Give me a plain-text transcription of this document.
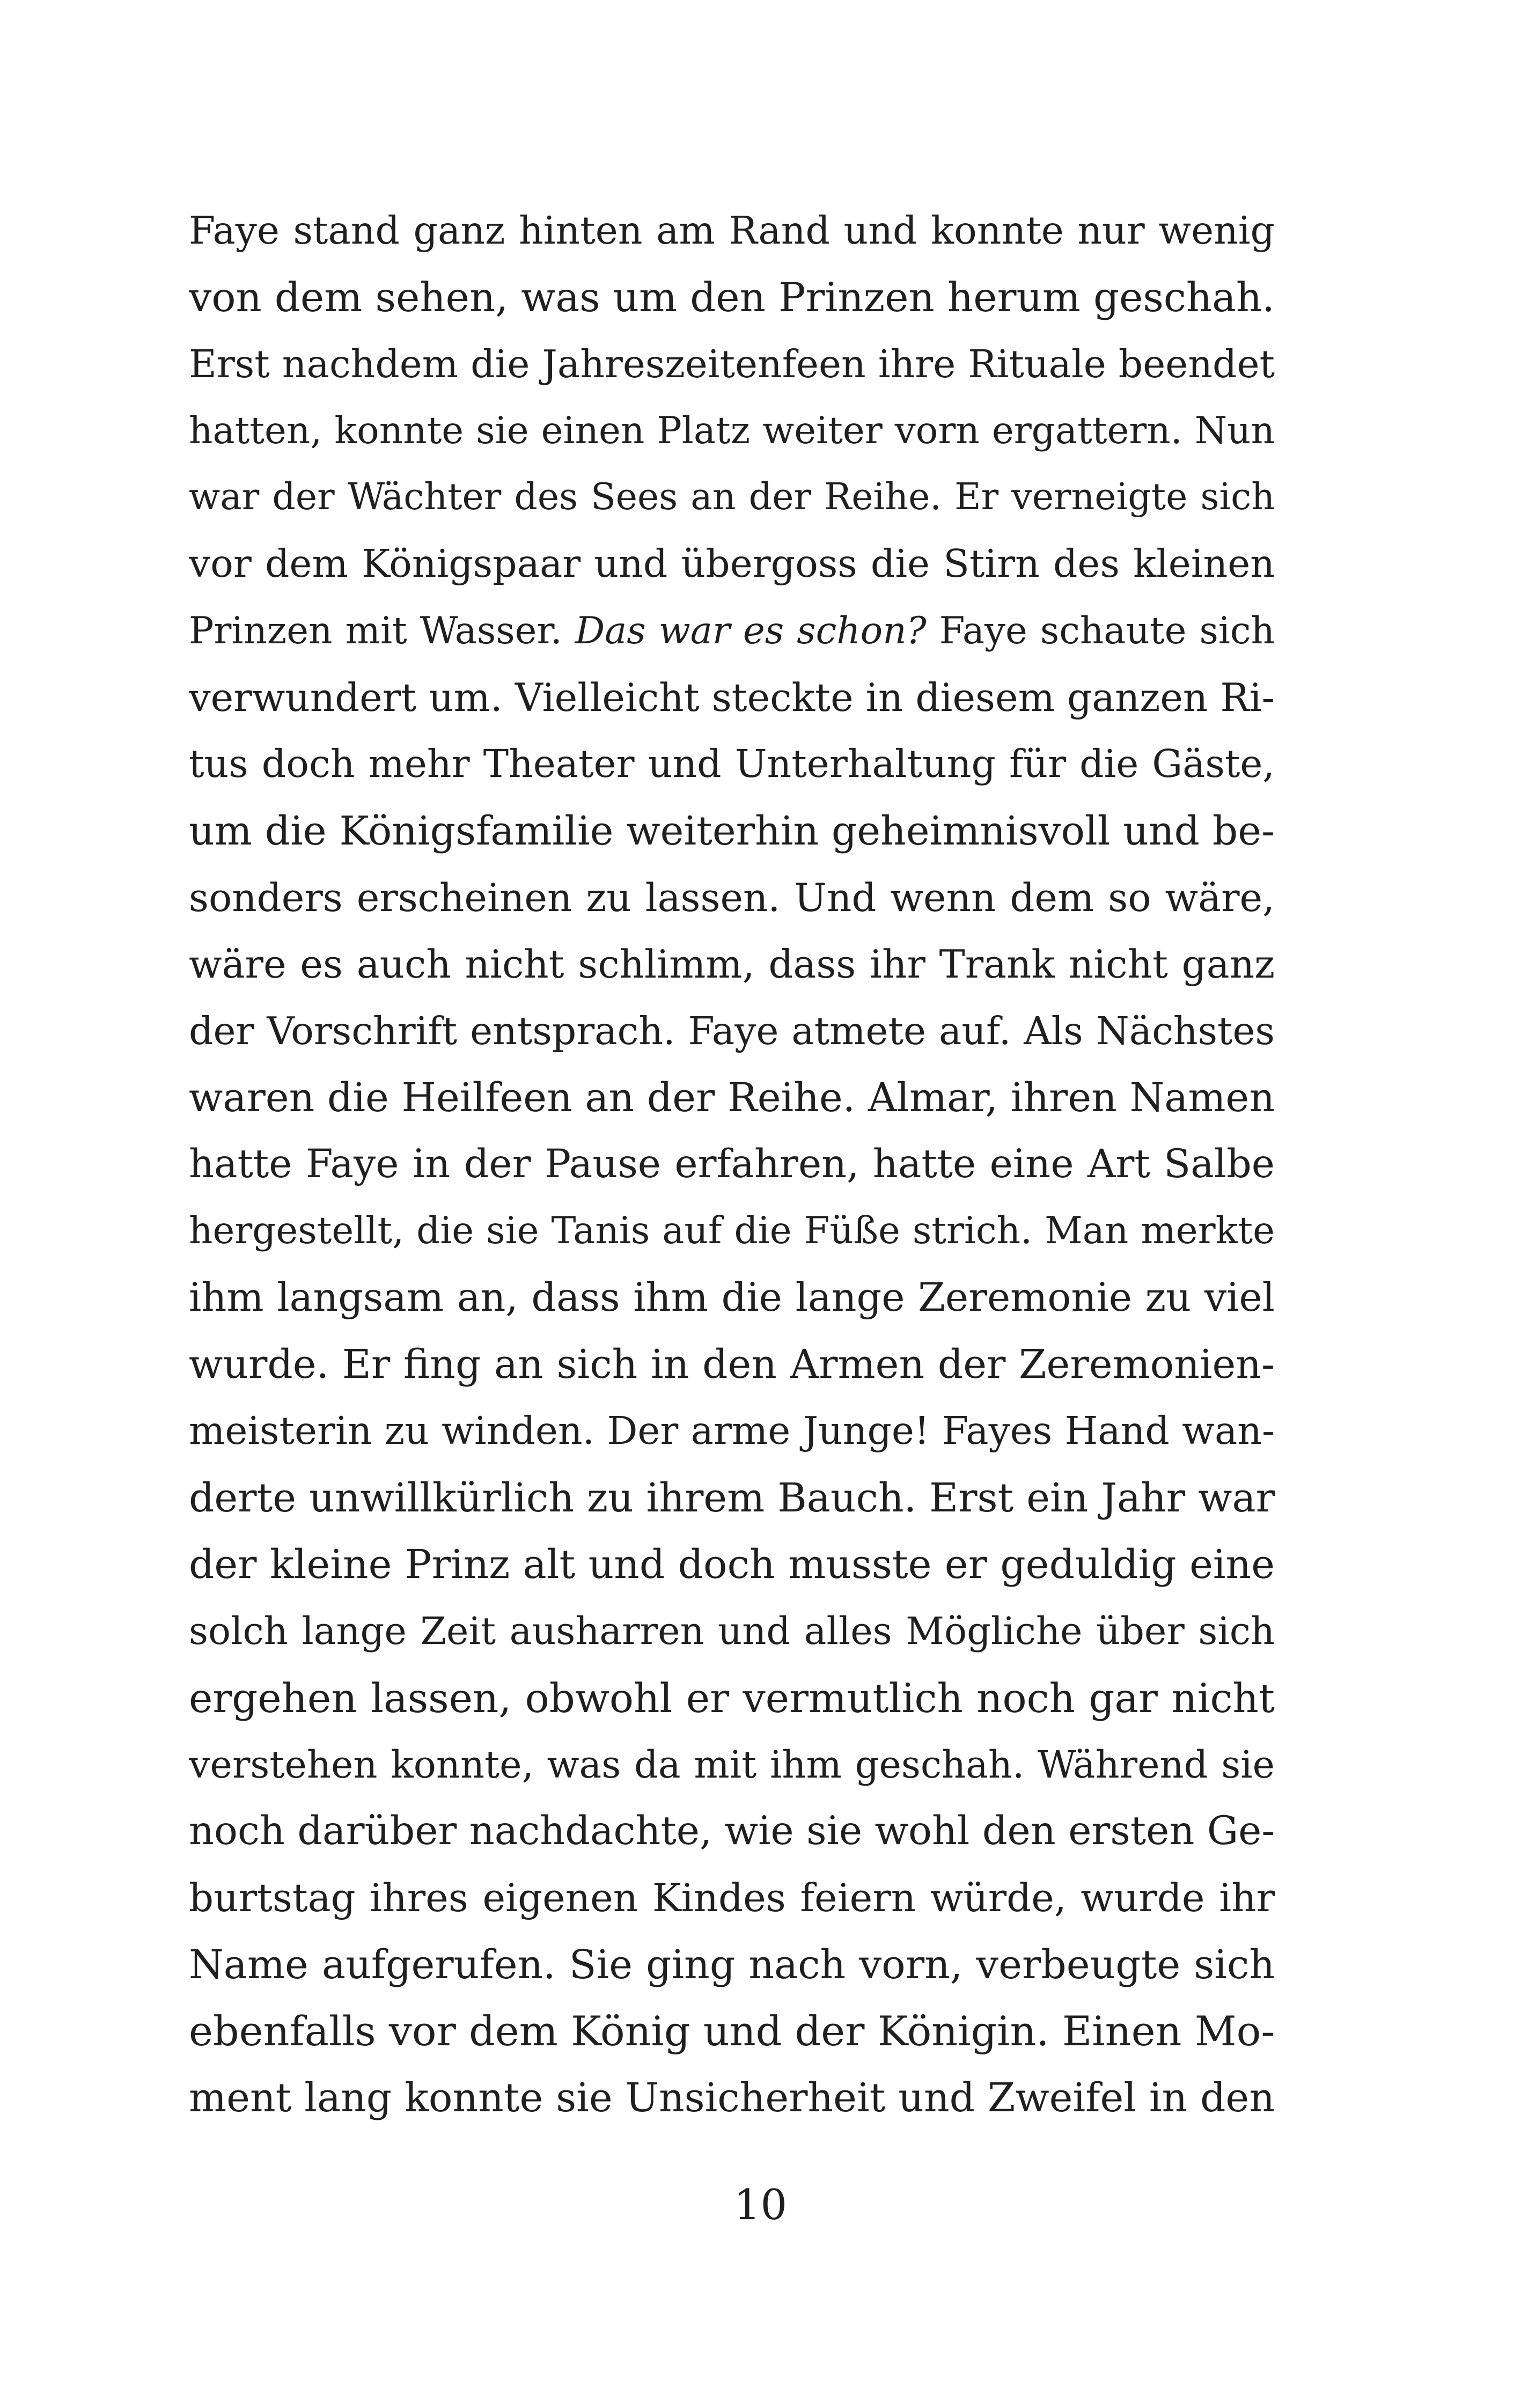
Faye stand ganz hinten am Rand und konnte nur wenig
von dem sehen, was um den Prinzen herum geschah.
Erst nachdem die Jahreszeitenfeen ihre Rituale beendet
hatten, konnte sie einen Platz weiter vorn ergattern. Nun
war der Wächter des Sees an der Reihe. Er verneigte sich
vor dem Königspaar und übergoss die Stirn des kleinen
Prinzen mit Wasser. Das war es schon? Faye schaute sich
verwundert um. Vielleicht steckte in diesem ganzen Ri-
tus doch mehr Theater und Unterhaltung für die Gäste,
um die Königsfamilie weiterhin geheimnisvoll und be-
sonders erscheinen zu lassen. Und wenn dem so wäre,
wäre es auch nicht schlimm, dass ihr Trank nicht ganz
der Vorschrift entsprach. Faye atmete auf. Als Nächstes
waren die Heilfeen an der Reihe. Almar, ihren Namen
hatte Faye in der Pause erfahren, hatte eine Art Salbe
hergestellt, die sie Tanis auf die Füße strich. Man merkte
ihm langsam an, dass ihm die lange Zeremonie zu viel
wurde. Er fing an sich in den Armen der Zeremonien-
meisterin zu winden. Der arme Junge! Fayes Hand wan-
derte unwillkürlich zu ihrem Bauch. Erst ein Jahr war
der kleine Prinz alt und doch musste er geduldig eine
solch lange Zeit ausharren und alles Mögliche über sich
ergehen lassen, obwohl er vermutlich noch gar nicht
verstehen konnte, was da mit ihm geschah. Während sie
noch darüber nachdachte, wie sie wohl den ersten Ge-
burtstag ihres eigenen Kindes feiern würde, wurde ihr
Name aufgerufen. Sie ging nach vorn, verbeugte sich
ebenfalls vor dem König und der Königin. Einen Mo-
ment lang konnte sie Unsicherheit und Zweifel in den
10
